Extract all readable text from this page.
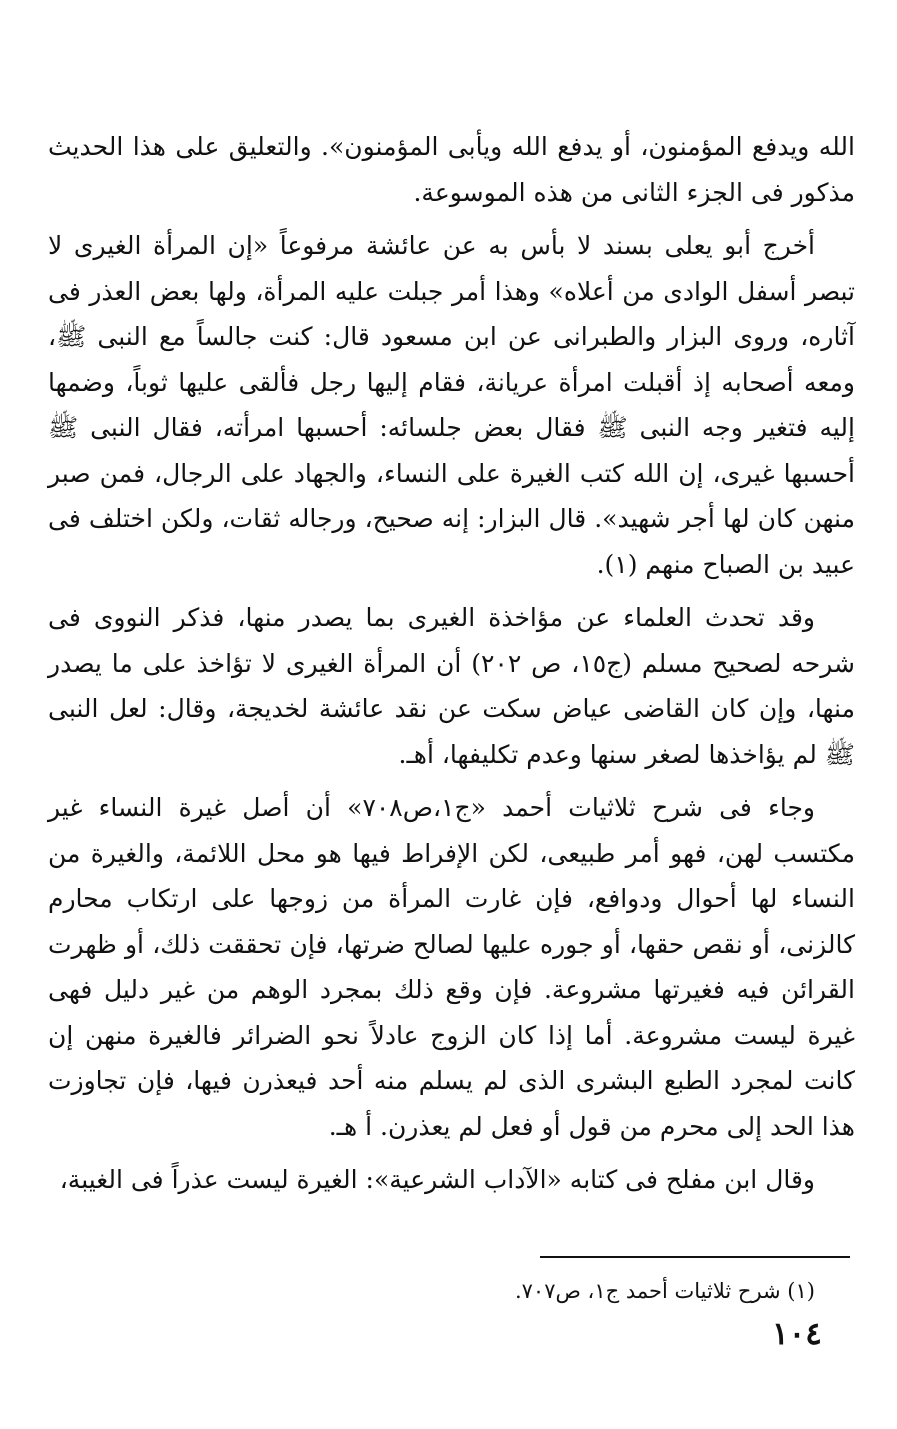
الله ويدفع المؤمنون، أو يدفع الله ويأبى المؤمنون». والتعليق على هذا الحديث مذكور فى الجزء الثانى من هذه الموسوعة.

أخرج أبو يعلى بسند لا بأس به عن عائشة مرفوعاً «إن المرأة الغيرى لا تبصر أسفل الوادى من أعلاه» وهذا أمر جبلت عليه المرأة، ولها بعض العذر فى آثاره، وروى البزار والطبرانى عن ابن مسعود قال: كنت جالساً مع النبى ﷺ، ومعه أصحابه إذ أقبلت امرأة عريانة، فقام إليها رجل فألقى عليها ثوباً، وضمها إليه فتغير وجه النبى ﷺ فقال بعض جلسائه: أحسبها امرأته، فقال النبى ﷺ أحسبها غيرى، إن الله كتب الغيرة على النساء، والجهاد على الرجال، فمن صبر منهن كان لها أجر شهيد». قال البزار: إنه صحيح، ورجاله ثقات، ولكن اختلف فى عبيد بن الصباح منهم (١).

وقد تحدث العلماء عن مؤاخذة الغيرى بما يصدر منها، فذكر النووى فى شرحه لصحيح مسلم (ج١٥، ص ٢٠٢) أن المرأة الغيرى لا تؤاخذ على ما يصدر منها، وإن كان القاضى عياض سكت عن نقد عائشة لخديجة، وقال: لعل النبى ﷺ لم يؤاخذها لصغر سنها وعدم تكليفها، أهـ.

وجاء فى شرح ثلاثيات أحمد «ج١،ص٧٠٨» أن أصل غيرة النساء غير مكتسب لهن، فهو أمر طبيعى، لكن الإفراط فيها هو محل اللائمة، والغيرة من النساء لها أحوال ودوافع، فإن غارت المرأة من زوجها على ارتكاب محارم كالزنى، أو نقص حقها، أو جوره عليها لصالح ضرتها، فإن تحققت ذلك، أو ظهرت القرائن فيه فغيرتها مشروعة. فإن وقع ذلك بمجرد الوهم من غير دليل فهى غيرة ليست مشروعة. أما إذا كان الزوج عادلاً نحو الضرائر فالغيرة منهن إن كانت لمجرد الطبع البشرى الذى لم يسلم منه أحد فيعذرن فيها، فإن تجاوزت هذا الحد إلى محرم من قول أو فعل لم يعذرن. أ هـ.

وقال ابن مفلح فى كتابه «الآداب الشرعية»: الغيرة ليست عذراً فى الغيبة،

(١) شرح ثلاثيات أحمد ج١، ص٧٠٧.
١٠٤
